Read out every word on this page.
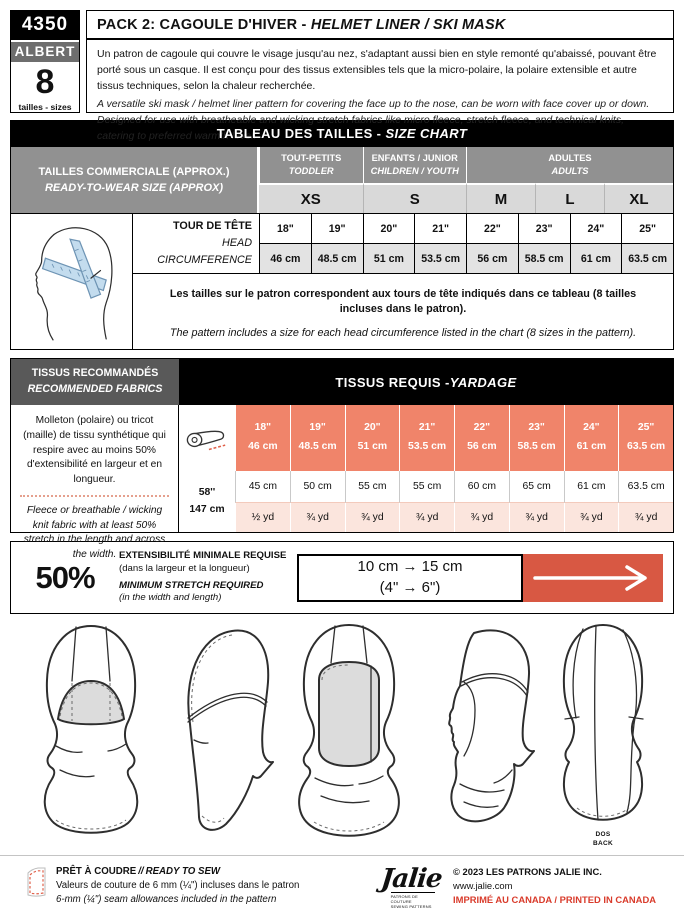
4350
ALBERT
8
tailles - sizes
PACK 2: CAGOULE D'HIVER - HELMET LINER / SKI MASK
Un patron de cagoule qui couvre le visage jusqu'au nez, s'adaptant aussi bien en style remonté qu'abaissé, pouvant être porté sous un casque. Il est conçu pour des tissus extensibles tels que la micro-polaire, la polaire extensible et autre tissus techniques, selon la chaleur recherchée.
A versatile ski mask / helmet liner pattern for covering the face up to the nose, can be worn with face cover up or down. Designed for use with breatheable and wicking stretch fabrics like micro fleece, stretch fleece, and technical knits, catering to preferred warmth level.
TABLEAU DES TAILLES - SIZE CHART
TAILLES COMMERCIALE (APPROX.)
READY-TO-WEAR SIZE (APPROX)
TOUT-PETITS
TODDLER
ENFANTS / JUNIOR
CHILDREN / YOUTH
ADULTES
ADULTS
XS	S	M	L	XL
TOUR DE TÊTE
HEAD CIRCUMFERENCE
18"	19"	20"	21"	22"	23"	24"	25"
46 cm	48.5 cm	51 cm	53.5 cm	56 cm	58.5 cm	61 cm	63.5 cm
Les tailles sur le patron correspondent aux tours de tête indiqués dans ce tableau (8 tailles incluses dans le patron).
The pattern includes a size for each head circumference listed in the chart (8 sizes in the pattern).
TISSUS RECOMMANDÉS
RECOMMENDED FABRICS	TISSUS REQUIS - YARDAGE
Molleton (polaire) ou tricot (maille) de tissu synthétique qui respire avec au moins 50% d'extensibilité en largeur et en longueur.
Fleece or breathable / wicking knit fabric with at least 50% stretch in the length and across the width.
18"
46 cm
19"
48.5 cm
20"
51 cm
21"
53.5 cm
22"
56 cm
23"
58.5 cm
24"
61 cm
25"
63.5 cm
58''
147 cm
45 cm	50 cm	55 cm	55 cm	60 cm	65 cm	61 cm	63.5 cm
½ yd	¾ yd	¾ yd	¾ yd	¾ yd	¾ yd	¾ yd	¾ yd
50%
EXTENSIBILITÉ MINIMALE REQUISE
(dans la largeur et la longueur)
MINIMUM STRETCH REQUIRED
(in the width and length)
10 cm → 15 cm
(4" → 6")
DOS
BACK
PRÊT À COUDRE // READY TO SEW
Valeurs de couture de 6 mm (¼") incluses dans le patron
6-mm (¼") seam allowances included in the pattern
Jalie
PATRONS DE COUTURE
SEWING PATTERNS
© 2023 LES PATRONS JALIE INC.
www.jalie.com
IMPRIMÉ AU CANADA / PRINTED IN CANADA
